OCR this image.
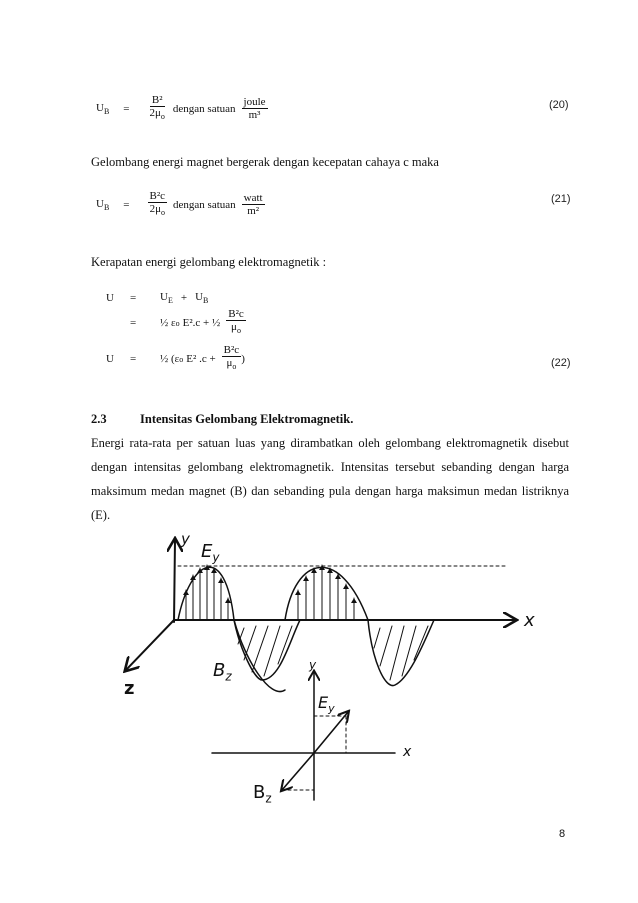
$U_B = \frac{\text{B²}}{2\mu_o}$ dengan satuan $\frac{\text{joule}}{\text{m³}}$	(20)
Gelombang energi magnet bergerak dengan kecepatan cahaya c maka
$U_B = \frac{\text{B²c}}{2\mu_o}$ dengan satuan $\frac{\text{watt}}{\text{m²}}$	(21)
Kerapatan energi gelombang elektromagnetik :
U	=	$U_E + U_B$
=	½ ε o E².c + ½ $\frac{\text{B²c}}{\mu_o}$
U	=	½ (ε o E² $.c + \frac{\text{B²c}}{\mu_o}$ )	(22)
2.3	Intensitas Gelombang Elektromagnetik.
Energi rata-rata per satuan luas yang dirambatkan oleh gelombang elektromagnetik disebut
dengan intensitas gelombang elektromagnetik. Intensitas tersebut sebanding dengan harga
maksimum medan magnet (B) dan sebanding pula dengan harga maksimun medan listriknya
(E).
y
$E_y$
x
z
$B_z$
y
x
$E_y$
$B_z$
8
